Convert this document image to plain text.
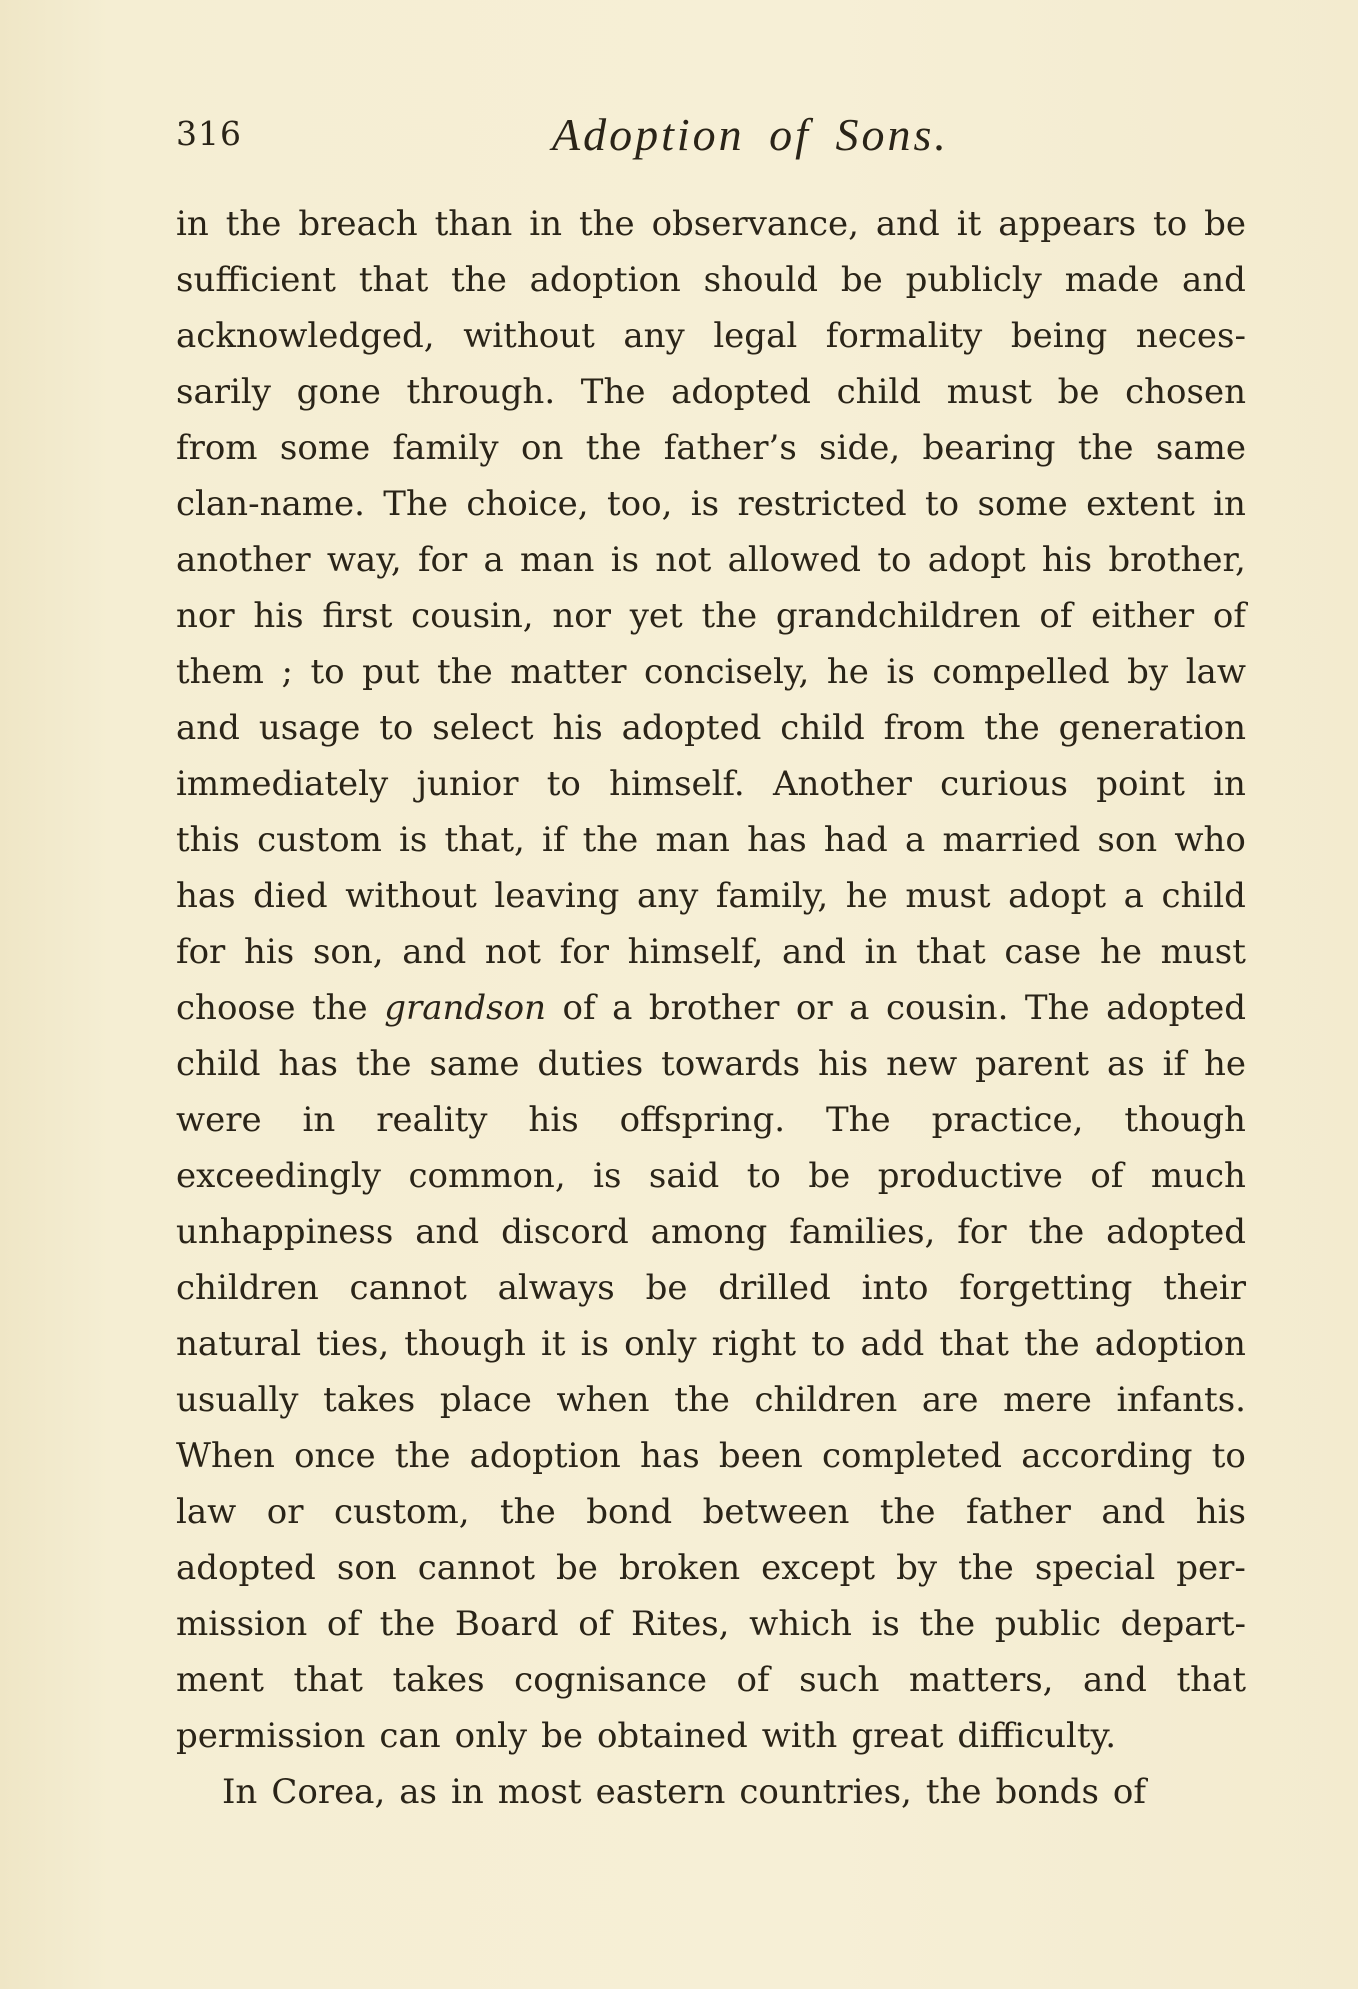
316	Adoption of Sons.
in the breach than in the observance, and it appears to be
sufficient that the adoption should be publicly made and
acknowledged, without any legal formality being neces-
sarily gone through. The adopted child must be chosen
from some family on the father’s side, bearing the same
clan-name. The choice, too, is restricted to some extent in
another way, for a man is not allowed to adopt his brother,
nor his first cousin, nor yet the grandchildren of either of
them ; to put the matter concisely, he is compelled by law
and usage to select his adopted child from the generation
immediately junior to himself. Another curious point in
this custom is that, if the man has had a married son who
has died without leaving any family, he must adopt a child
for his son, and not for himself, and in that case he must
choose the grandson of a brother or a cousin. The adopted
child has the same duties towards his new parent as if he
were in reality his offspring. The practice, though
exceedingly common, is said to be productive of much
unhappiness and discord among families, for the adopted
children cannot always be drilled into forgetting their
natural ties, though it is only right to add that the adoption
usually takes place when the children are mere infants.
When once the adoption has been completed according to
law or custom, the bond between the father and his
adopted son cannot be broken except by the special per-
mission of the Board of Rites, which is the public depart-
ment that takes cognisance of such matters, and that
permission can only be obtained with great difficulty.
In Corea, as in most eastern countries, the bonds of
